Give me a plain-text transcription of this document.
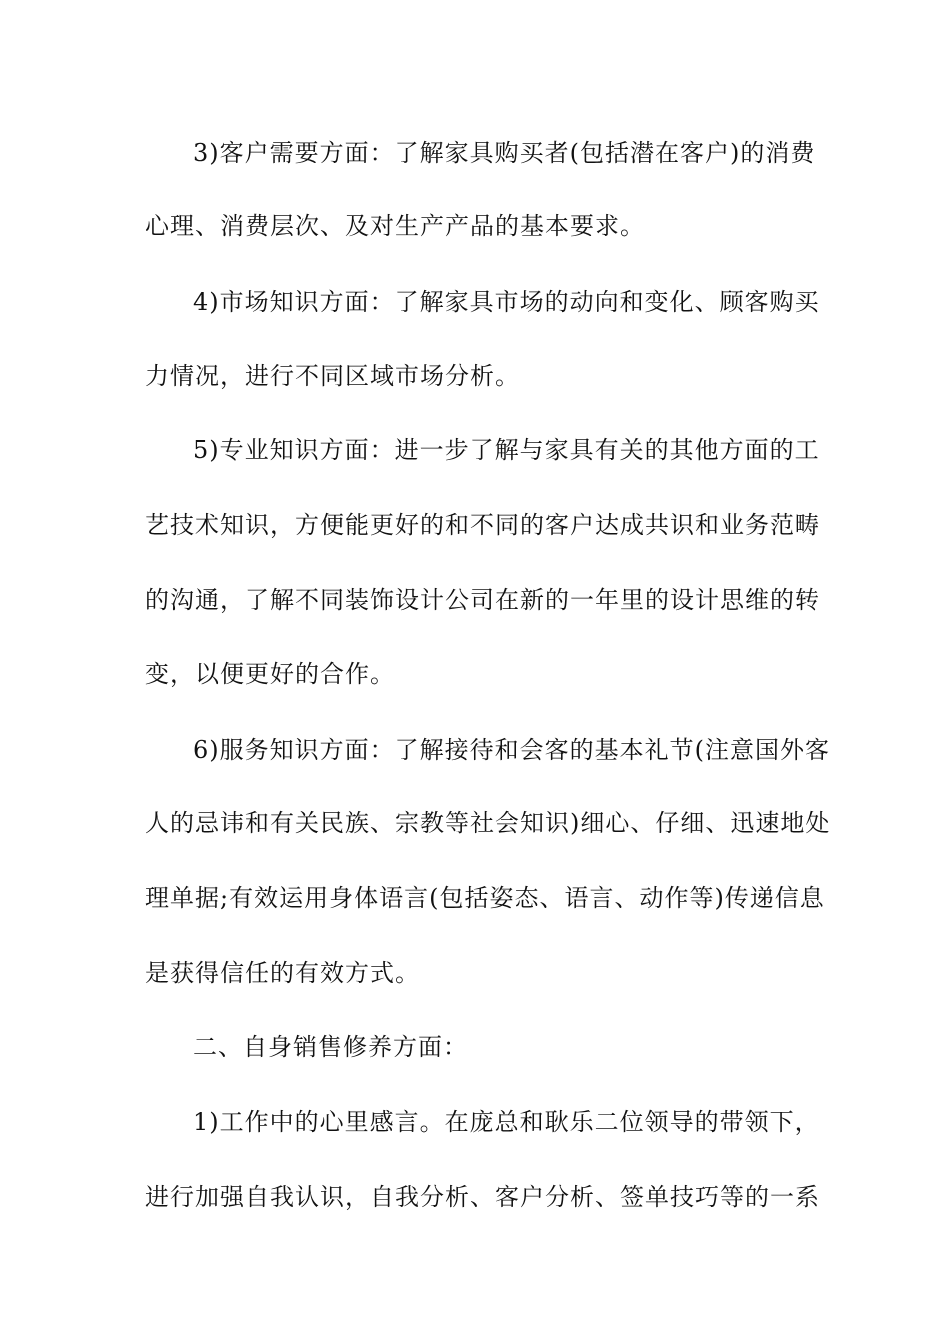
3)客户需要方面：了解家具购买者(包括潜在客户)的消费
心理、消费层次、及对生产产品的基本要求。
4)市场知识方面：了解家具市场的动向和变化、顾客购买
力情况，进行不同区域市场分析。
5)专业知识方面：进一步了解与家具有关的其他方面的工
艺技术知识，方便能更好的和不同的客户达成共识和业务范畴
的沟通，了解不同装饰设计公司在新的一年里的设计思维的转
变，以便更好的合作。
6)服务知识方面：了解接待和会客的基本礼节(注意国外客
人的忌讳和有关民族、宗教等社会知识)细心、仔细、迅速地处
理单据;有效运用身体语言(包括姿态、语言、动作等)传递信息
是获得信任的有效方式。
二、自身销售修养方面：
1)工作中的心里感言。在庞总和耿乐二位领导的带领下，
进行加强自我认识，自我分析、客户分析、签单技巧等的一系
